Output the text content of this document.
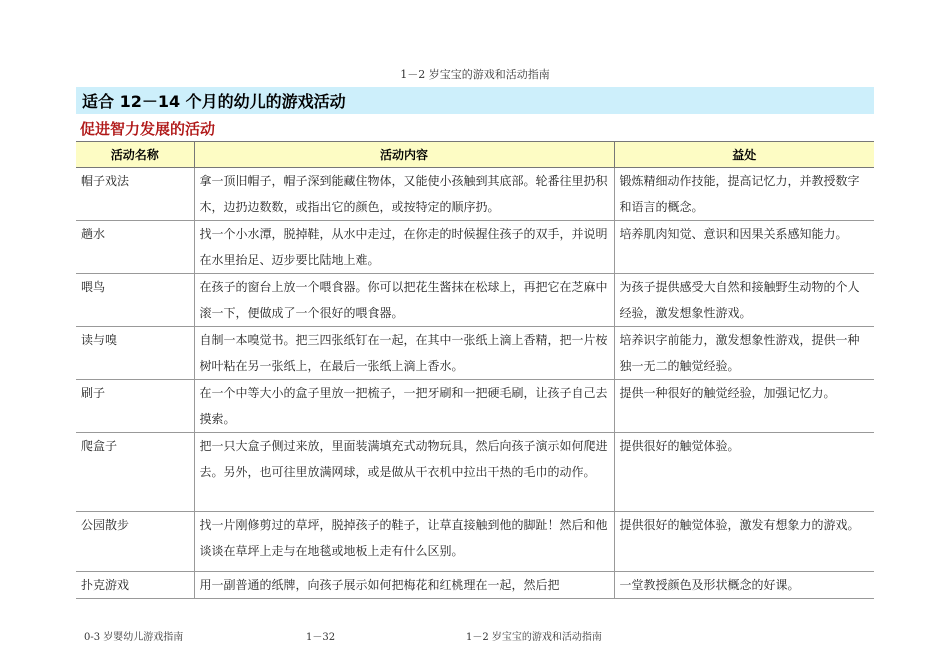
1－2 岁宝宝的游戏和活动指南
适合 12－14 个月的幼儿的游戏活动
促进智力发展的活动
活动名称	活动内容	益处
帽子戏法	拿一顶旧帽子，帽子深到能藏住物体，又能使小孩触到其底部。轮番往里扔积木，边扔边数数，或指出它的颜色，或按特定的顺序扔。	锻炼精细动作技能，提高记忆力，并教授数字和语言的概念。
趟水	找一个小水潭，脱掉鞋，从水中走过，在你走的时候握住孩子的双手，并说明在水里抬足、迈步要比陆地上难。	培养肌肉知觉、意识和因果关系感知能力。
喂鸟	在孩子的窗台上放一个喂食器。你可以把花生酱抹在松球上，再把它在芝麻中滚一下，便做成了一个很好的喂食器。	为孩子提供感受大自然和接触野生动物的个人经验，激发想象性游戏。
读与嗅	自制一本嗅觉书。把三四张纸钉在一起，在其中一张纸上滴上香精，把一片桉树叶粘在另一张纸上，在最后一张纸上滴上香水。	培养识字前能力，激发想象性游戏，提供一种独一无二的触觉经验。
刷子	在一个中等大小的盒子里放一把梳子，一把牙刷和一把硬毛刷，让孩子自己去摸索。	提供一种很好的触觉经验，加强记忆力。
爬盒子	把一只大盒子侧过来放，里面装满填充式动物玩具，然后向孩子演示如何爬进去。另外，也可往里放满网球，或是做从干衣机中拉出干热的毛巾的动作。	提供很好的触觉体验。
公园散步	找一片刚修剪过的草坪，脱掉孩子的鞋子，让草直接触到他的脚趾！然后和他谈谈在草坪上走与在地毯或地板上走有什么区别。	提供很好的触觉体验，激发有想象力的游戏。
扑克游戏	用一副普通的纸牌，向孩子展示如何把梅花和红桃理在一起，然后把	一堂教授颜色及形状概念的好课。
0-3 岁婴幼儿游戏指南	1－32	1－2 岁宝宝的游戏和活动指南
